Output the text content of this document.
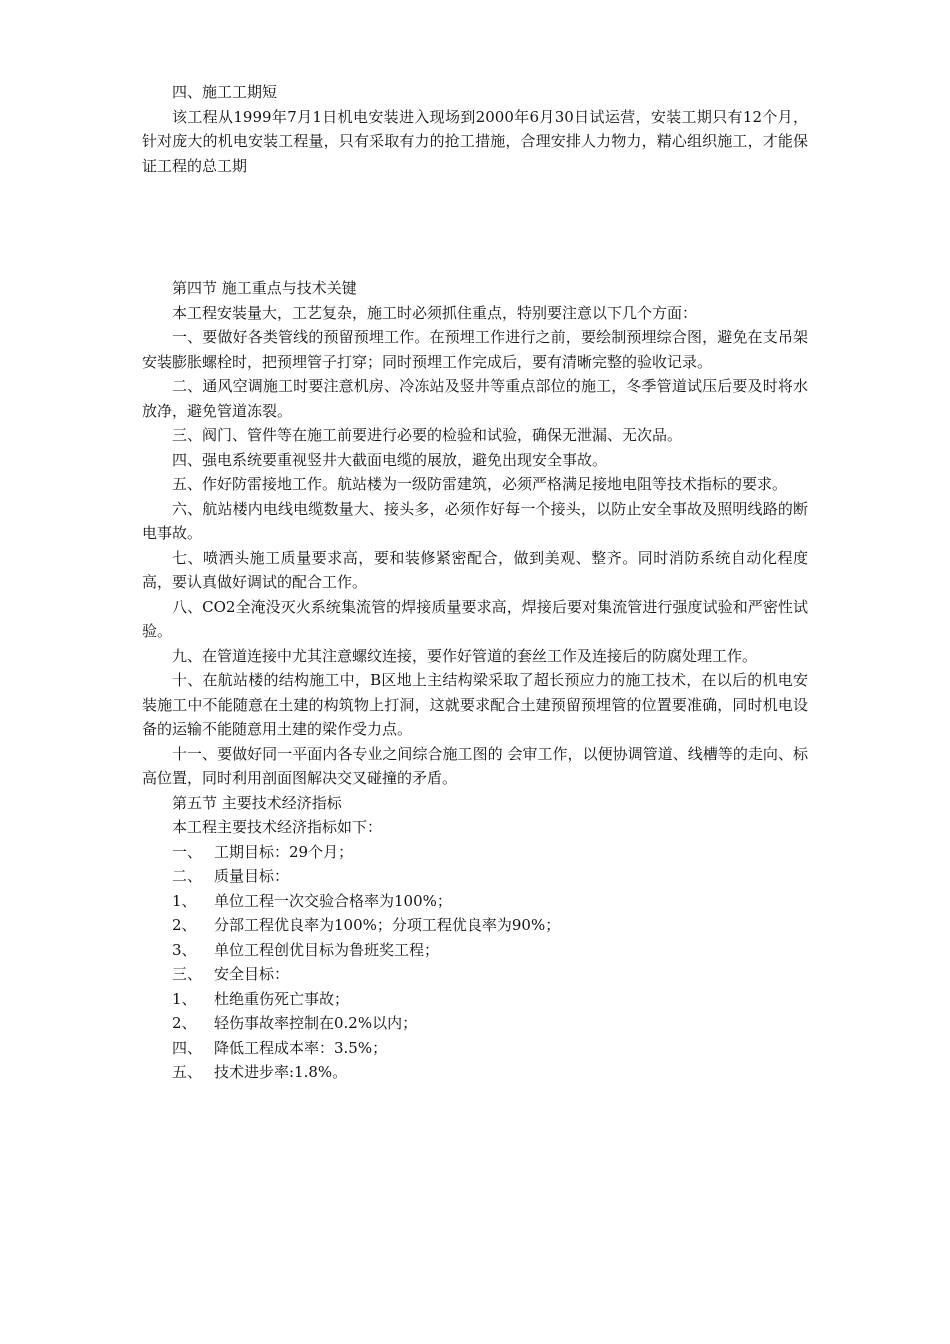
四、施工工期短

该工程从1999年7月1日机电安装进入现场到2000年6月30日试运营，安装工期只有12个月，针对庞大的机电安装工程量，只有采取有力的抢工措施，合理安排人力物力，精心组织施工，才能保证工程的总工期

第四节 施工重点与技术关键

本工程安装量大，工艺复杂，施工时必须抓住重点，特别要注意以下几个方面：

一、要做好各类管线的预留预埋工作。在预埋工作进行之前，要绘制预埋综合图，避免在支吊架安装膨胀螺栓时，把预埋管子打穿；同时预埋工作完成后，要有清晰完整的验收记录。

二、通风空调施工时要注意机房、冷冻站及竖井等重点部位的施工，冬季管道试压后要及时将水放净，避免管道冻裂。

三、阀门、管件等在施工前要进行必要的检验和试验，确保无泄漏、无次品。

四、强电系统要重视竖井大截面电缆的展放，避免出现安全事故。

五、作好防雷接地工作。航站楼为一级防雷建筑，必须严格满足接地电阻等技术指标的要求。

六、航站楼内电线电缆数量大、接头多，必须作好每一个接头，以防止安全事故及照明线路的断电事故。

七、喷洒头施工质量要求高，要和装修紧密配合，做到美观、整齐。同时消防系统自动化程度高，要认真做好调试的配合工作。

八、CO2全淹没灭火系统集流管的焊接质量要求高，焊接后要对集流管进行强度试验和严密性试验。

九、在管道连接中尤其注意螺纹连接，要作好管道的套丝工作及连接后的防腐处理工作。

十、在航站楼的结构施工中，B区地上主结构梁采取了超长预应力的施工技术，在以后的机电安装施工中不能随意在土建的构筑物上打洞，这就要求配合土建预留预埋管的位置要准确，同时机电设备的运输不能随意用土建的梁作受力点。

十一、要做好同一平面内各专业之间综合施工图的 会审工作，以便协调管道、线槽等的走向、标高位置，同时利用剖面图解决交叉碰撞的矛盾。

第五节 主要技术经济指标

本工程主要技术经济指标如下：

一、 工期目标：29个月；

二、 质量目标：

1、 单位工程一次交验合格率为100%；

2、 分部工程优良率为100%；分项工程优良率为90%；

3、 单位工程创优目标为鲁班奖工程；

三、 安全目标：

1、 杜绝重伤死亡事故；

2、 轻伤事故率控制在0.2%以内；

四、 降低工程成本率：3.5%；

五、 技术进步率:1.8%。
